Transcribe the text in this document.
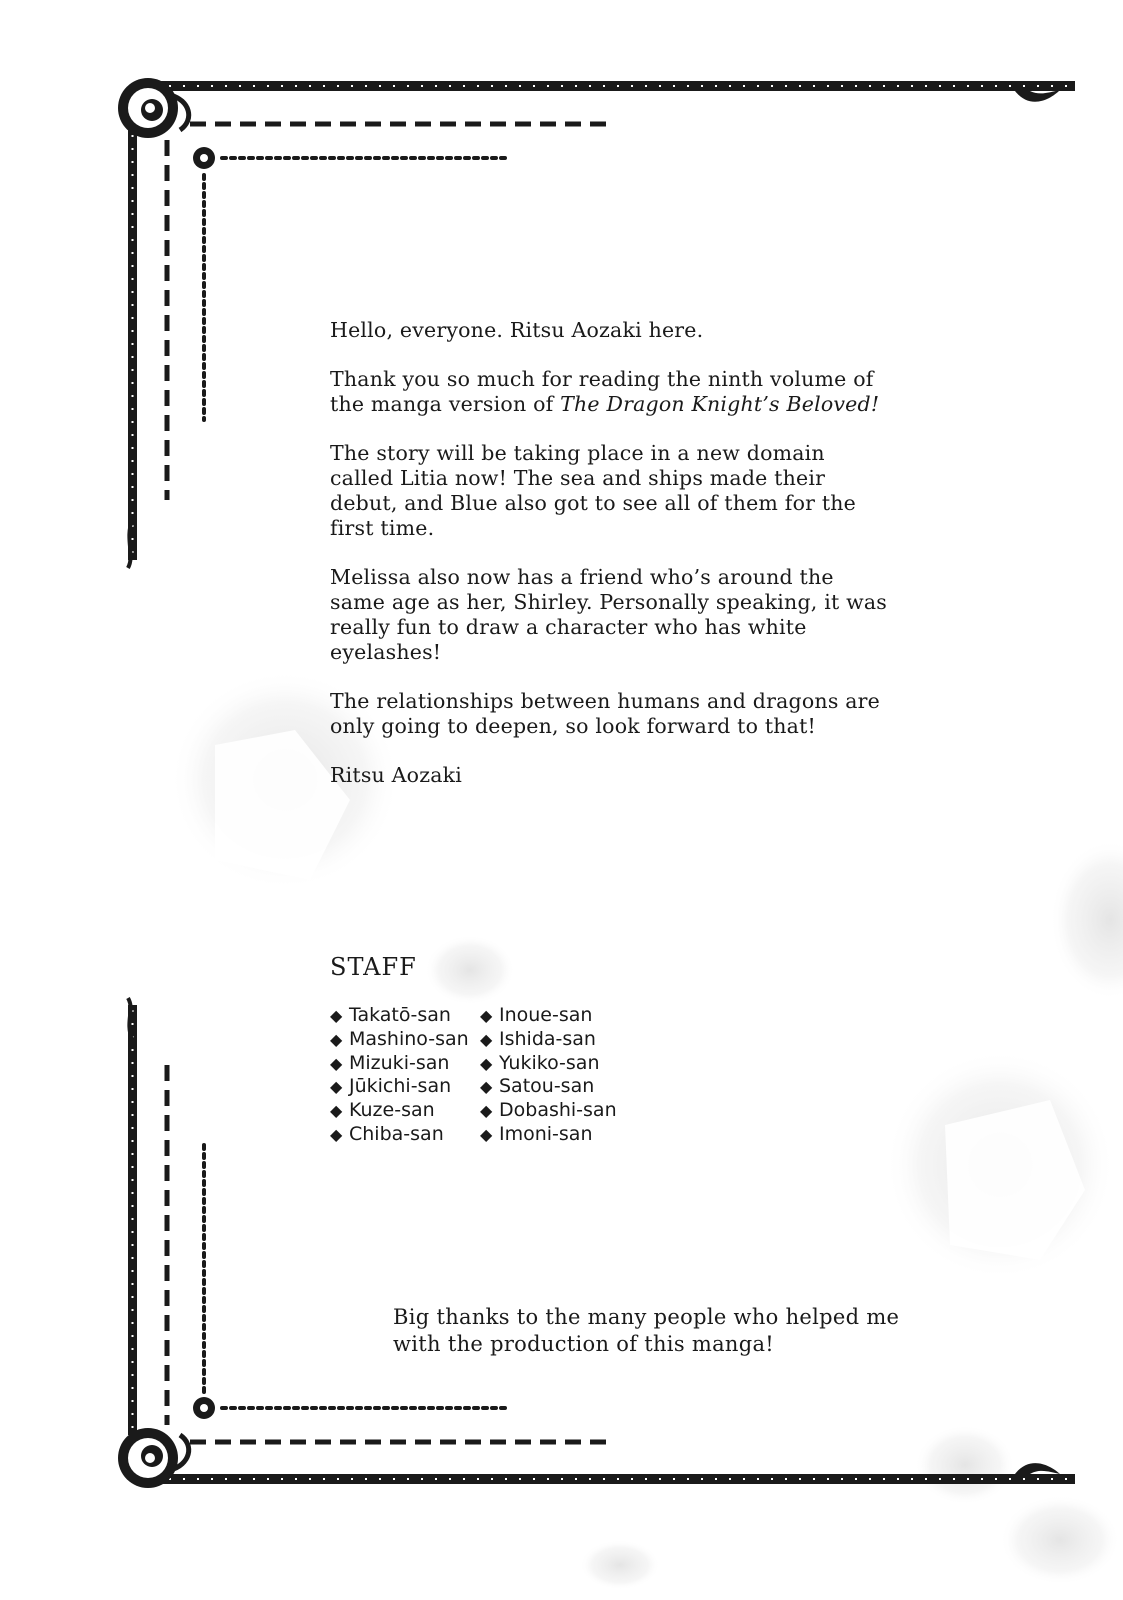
Hello, everyone. Ritsu Aozaki here.

Thank you so much for reading the ninth volume of the manga version of The Dragon Knight’s Beloved!

The story will be taking place in a new domain called Litia now! The sea and ships made their debut, and Blue also got to see all of them for the first time.

Melissa also now has a friend who’s around the same age as her, Shirley. Personally speaking, it was really fun to draw a character who has white eyelashes!

The relationships between humans and dragons are only going to deepen, so look forward to that!

Ritsu Aozaki

STAFF
◆ Takatō-san	◆ Inoue-san
◆ Mashino-san ◆ Ishida-san
◆ Mizuki-san	◆ Yukiko-san
◆ Jūkichi-san	◆ Satou-san
◆ Kuze-san	◆ Dobashi-san
◆ Chiba-san	◆ Imoni-san

Big thanks to the many people who helped me with the production of this manga!
